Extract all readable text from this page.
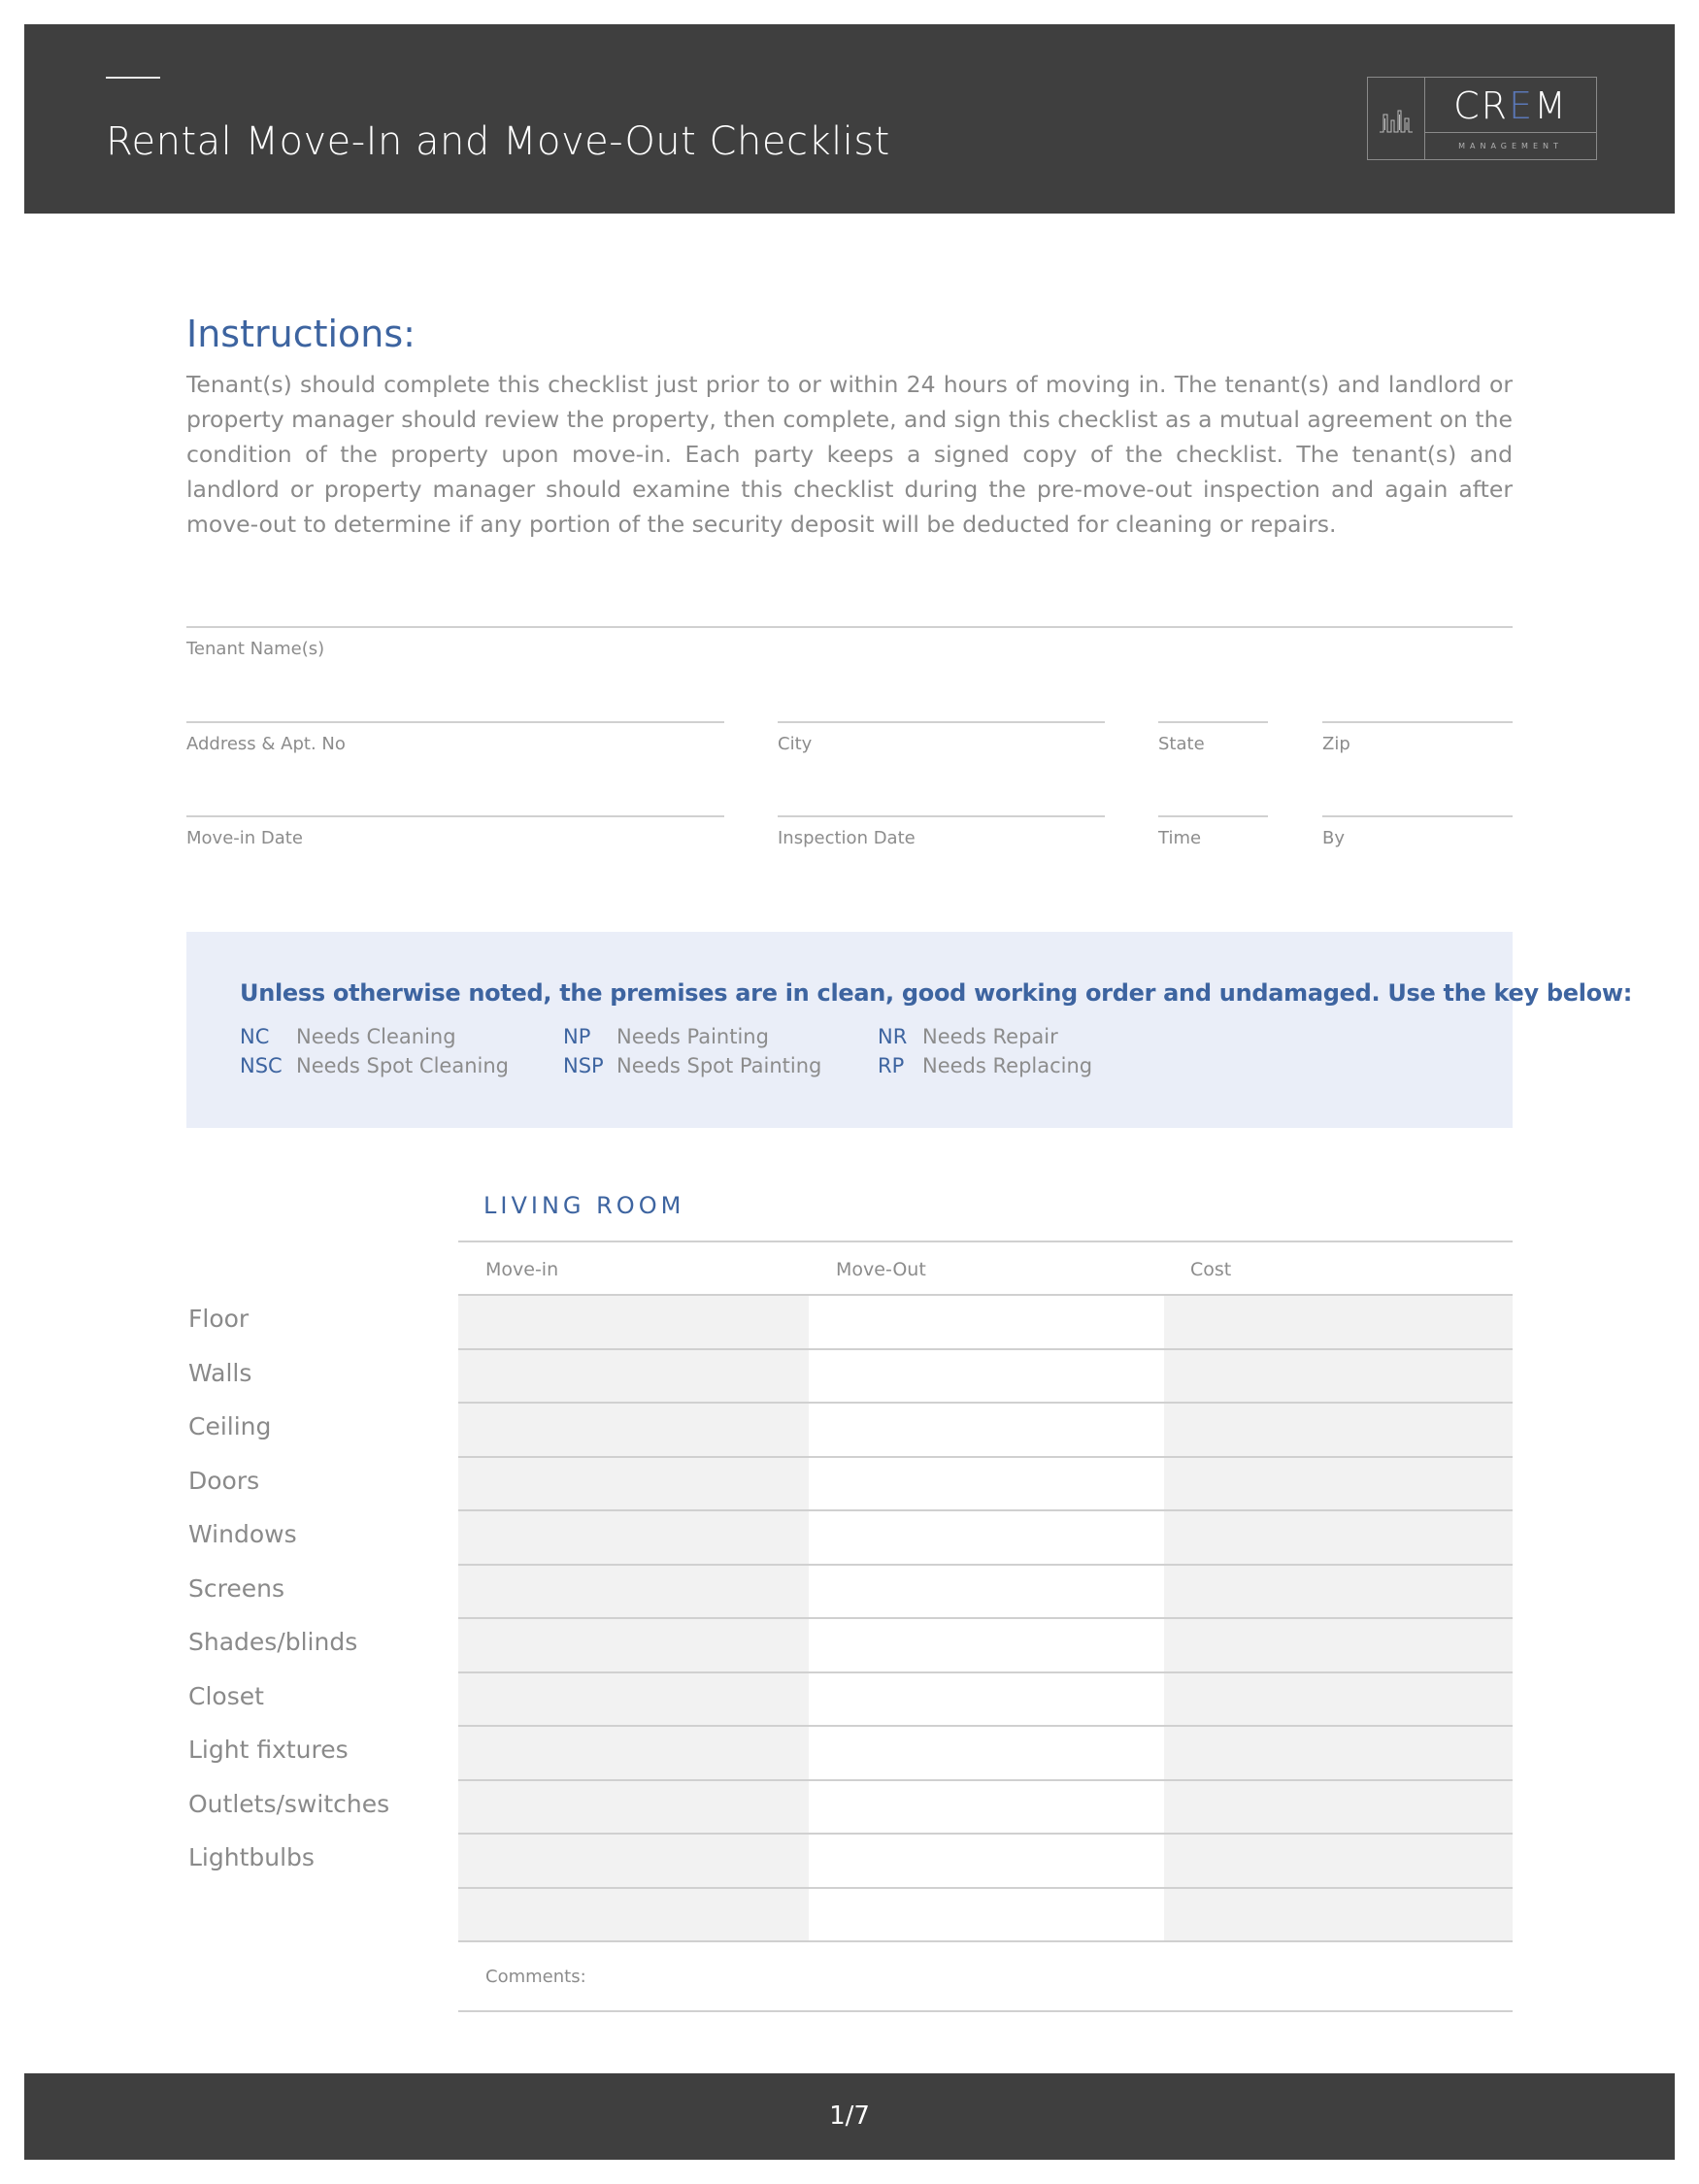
Rental Move-In and Move-Out Checklist
CREM
MANAGEMENT
Instructions:
Tenant(s) should complete this checklist just prior to or within 24 hours of moving in. The tenant(s) and landlord or property manager should review the property, then complete, and sign this checklist as a mutual agreement on the condition of the property upon move-in. Each party keeps a signed copy of the checklist. The tenant(s) and landlord or property manager should examine this checklist during the pre-move-out inspection and again after move-out to determine if any portion of the security deposit will be deducted for cleaning or repairs.
Tenant Name(s)
Address & Apt. No	City	State	Zip
Move-in Date	Inspection Date	Time	By
Unless otherwise noted, the premises are in clean, good working order and undamaged. Use the key below:
NC Needs Cleaning
NSC Needs Spot Cleaning
NP Needs Painting
NSP Needs Spot Painting
NR Needs Repair
RP Needs Replacing
LIVING ROOM
Move-in	Move-Out	Cost
Floor
Walls
Ceiling
Doors
Windows
Screens
Shades/blinds
Closet
Light fixtures
Outlets/switches
Lightbulbs
Comments:
1/7
